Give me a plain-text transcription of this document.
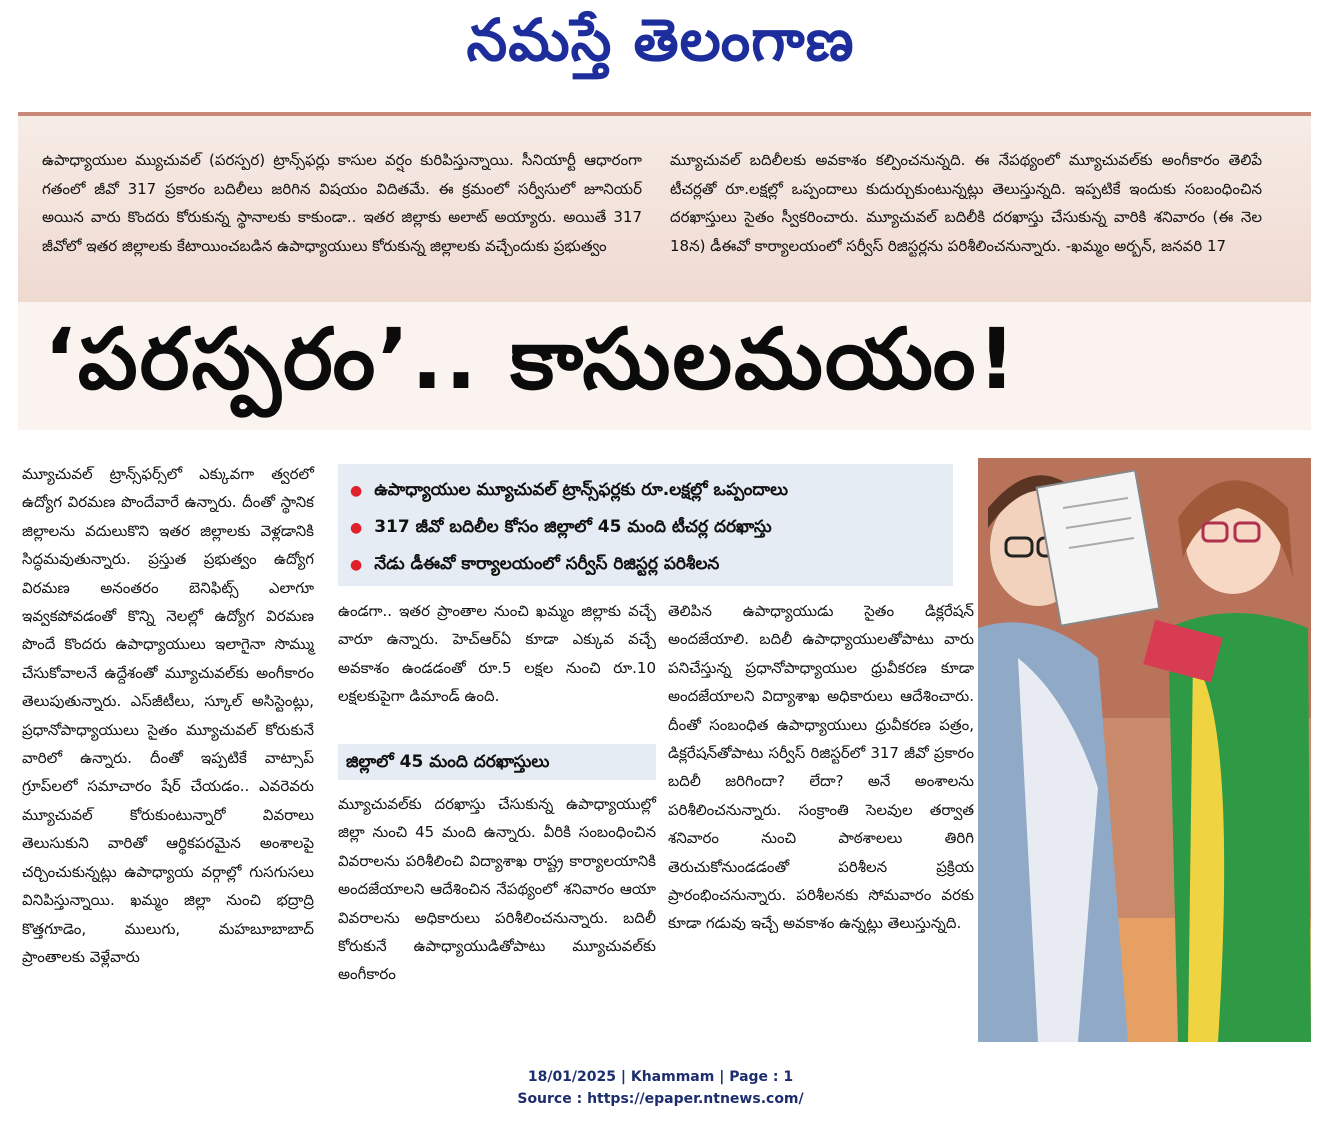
నమస్తే తెలంగాణ
ఉపాధ్యాయుల మ్యుచువల్ (పరస్పర) ట్రాన్స్‌ఫర్లు కాసుల వర్షం కురిపిస్తున్నాయి. సీనియార్టీ ఆధారంగా గతంలో జీవో 317 ప్రకారం బదిలీలు జరిగిన విషయం విదితమే. ఈ క్రమంలో సర్వీసులో జూనియర్ అయిన వారు కొందరు కోరుకున్న స్థానాలకు కాకుండా.. ఇతర జిల్లాకు అలాట్ అయ్యారు. అయితే 317 జీవోలో ఇతర జిల్లాలకు కేటాయించబడిన ఉపాధ్యాయులు కోరుకున్న జిల్లాలకు వచ్చేందుకు ప్రభుత్వం
మ్యూచువల్ బదిలీలకు అవకాశం కల్పించనున్నది. ఈ నేపథ్యంలో మ్యూచువల్‌కు అంగీకారం తెలిపే టీచర్లతో రూ.లక్షల్లో ఒప్పందాలు కుదుర్చుకుంటున్నట్లు తెలుస్తున్నది. ఇప్పటికే ఇందుకు సంబంధించిన దరఖాస్తులు సైతం స్వీకరించారు. మ్యూచువల్ బదిలీకి దరఖాస్తు చేసుకున్న వారికి శనివారం (ఈ నెల 18న) డీఈవో కార్యాలయంలో సర్వీస్ రిజిస్టర్లను పరిశీలించనున్నారు. -ఖమ్మం అర్బన్, జనవరి 17
‘పరస్పరం’.. కాసులమయం!
మ్యూచువల్ ట్రాన్స్‌ఫర్స్‌లో ఎక్కువగా త్వరలో ఉద్యోగ విరమణ పొందేవారే ఉన్నారు. దీంతో స్థానిక జిల్లాలను వదులుకొని ఇతర జిల్లాలకు వెళ్లడానికి సిద్ధమవుతున్నారు. ప్రస్తుత ప్రభుత్వం ఉద్యోగ విరమణ అనంతరం బెనిఫిట్స్ ఎలాగూ ఇవ్వకపోవడంతో కొన్ని నెలల్లో ఉద్యోగ విరమణ పొందే కొందరు ఉపాధ్యాయులు ఇలాగైనా సొమ్ము చేసుకోవాలనే ఉద్దేశంతో మ్యూచువల్‌కు అంగీకారం తెలుపుతున్నారు. ఎస్‌జీటీలు, స్కూల్ అసిస్టెంట్లు, ప్రధానోపాధ్యాయులు సైతం మ్యూచువల్ కోరుకునే వారిలో ఉన్నారు. దీంతో ఇప్పటికే వాట్సాప్ గ్రూప్‌లలో సమాచారం షేర్ చేయడం.. ఎవరెవరు మ్యూచువల్ కోరుకుంటున్నారో వివరాలు తెలుసుకుని వారితో ఆర్థికపరమైన అంశాలపై చర్చించుకున్నట్లు ఉపాధ్యాయ వర్గాల్లో గుసగుసలు వినిపిస్తున్నాయి. ఖమ్మం జిల్లా నుంచి భద్రాద్రి కొత్తగూడెం, ములుగు, మహబూబాబాద్ ప్రాంతాలకు వెళ్లేవారు
● ఉపాధ్యాయుల మ్యూచువల్ ట్రాన్స్‌ఫర్లకు రూ.లక్షల్లో ఒప్పందాలు
● 317 జీవో బదిలీల కోసం జిల్లాలో 45 మంది టీచర్ల దరఖాస్తు
● నేడు డీఈవో కార్యాలయంలో సర్వీస్ రిజిస్టర్ల పరిశీలన
ఉండగా.. ఇతర ప్రాంతాల నుంచి ఖమ్మం జిల్లాకు వచ్చే వారూ ఉన్నారు. హెచ్‌ఆర్‌ఏ కూడా ఎక్కువ వచ్చే అవకాశం ఉండడంతో రూ.5 లక్షల నుంచి రూ.10 లక్షలకుపైగా డిమాండ్ ఉంది.
జిల్లాలో 45 మంది దరఖాస్తులు
మ్యూచువల్‌కు దరఖాస్తు చేసుకున్న ఉపాధ్యాయుల్లో జిల్లా నుంచి 45 మంది ఉన్నారు. వీరికి సంబంధించిన వివరాలను పరిశీలించి విద్యాశాఖ రాష్ట్ర కార్యాలయానికి అందజేయాలని ఆదేశించిన నేపథ్యంలో శనివారం ఆయా వివరాలను అధికారులు పరిశీలించనున్నారు. బదిలీ కోరుకునే ఉపాధ్యాయుడితోపాటు మ్యూచువల్‌కు అంగీకారం
తెలిపిన ఉపాధ్యాయుడు సైతం డిక్లరేషన్ అందజేయాలి. బదిలీ ఉపాధ్యాయులతోపాటు వారు పనిచేస్తున్న ప్రధానోపాధ్యాయుల ధ్రువీకరణ కూడా అందజేయాలని విద్యాశాఖ అధికారులు ఆదేశించారు. దీంతో సంబంధిత ఉపాధ్యాయులు ధ్రువీకరణ పత్రం, డిక్లరేషన్‌తోపాటు సర్వీస్ రిజిస్టర్‌లో 317 జీవో ప్రకారం బదిలీ జరిగిందా? లేదా? అనే అంశాలను పరిశీలించనున్నారు. సంక్రాంతి సెలవుల తర్వాత శనివారం నుంచి పాఠశాలలు తిరిగి తెరుచుకోనుండడంతో పరిశీలన ప్రక్రియ ప్రారంభించనున్నారు. పరిశీలనకు సోమవారం వరకు కూడా గడువు ఇచ్చే అవకాశం ఉన్నట్లు తెలుస్తున్నది.
18/01/2025 | Khammam | Page : 1
Source : https://epaper.ntnews.com/
